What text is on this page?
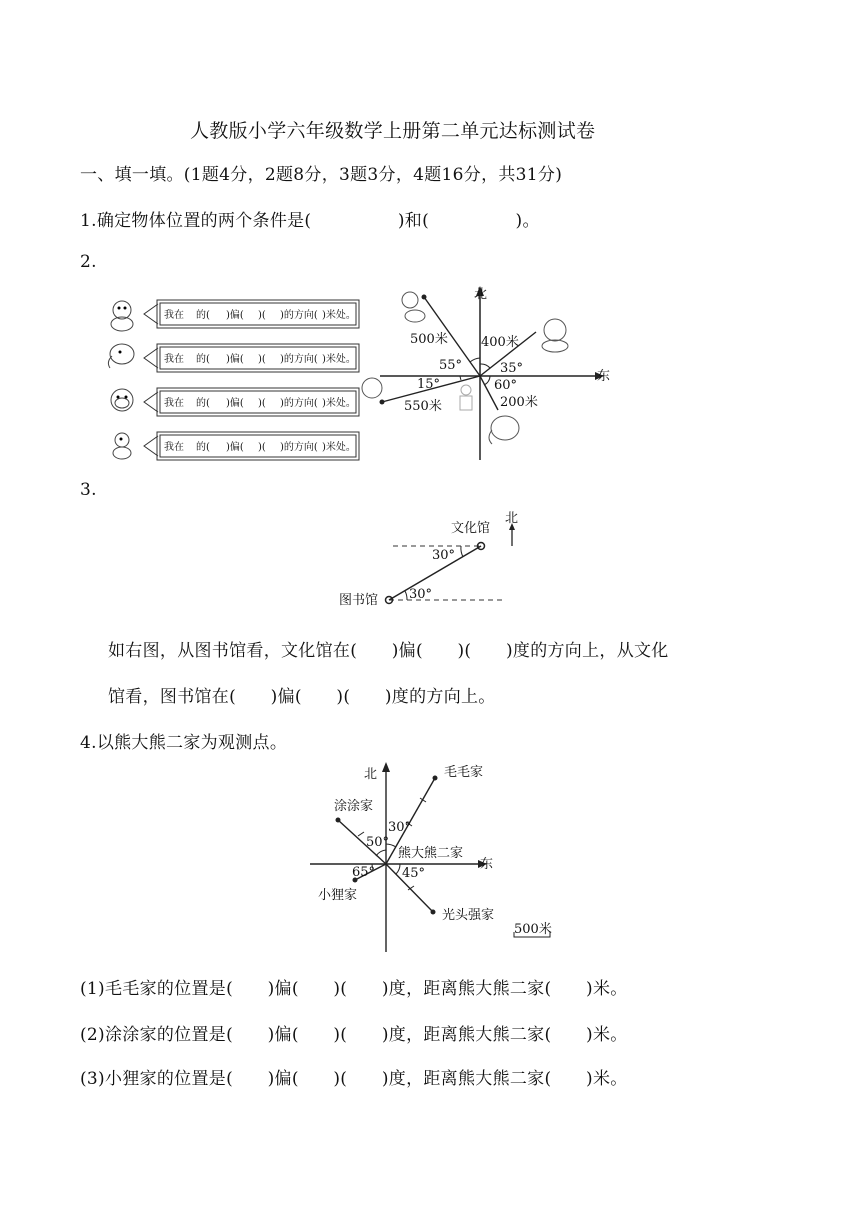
人教版小学六年级数学上册第二单元达标测试卷
一、填一填。(1题4分，2题8分，3题3分，4题16分，共31分)
1.确定物体位置的两个条件是(　　　　　)和(　　　　　)。
2.
我在 的( )偏( )( )的方向( )米处。
我在 的( )偏( )( )的方向( )米处。
我在 的( )偏( )( )的方向( )米处。
我在 的( )偏( )( )的方向( )米处。
北
东
500米	400米
550米	200米
55°	35°
15°	60°
3.
文化馆
北
30°
图书馆 30°
如右图，从图书馆看，文化馆在(　　)偏(　　)(　　)度的方向上，从文化
馆看，图书馆在(　　)偏(　　)(　　)度的方向上。
4.以熊大熊二家为观测点。
北
东
毛毛家
涂涂家
30°
50°
熊大熊二家
65° 45°
小狸家
光头强家
500米
(1)毛毛家的位置是(　　)偏(　　)(　　)度，距离熊大熊二家(　　)米。
(2)涂涂家的位置是(　　)偏(　　)(　　)度，距离熊大熊二家(　　)米。
(3)小狸家的位置是(　　)偏(　　)(　　)度，距离熊大熊二家(　　)米。
